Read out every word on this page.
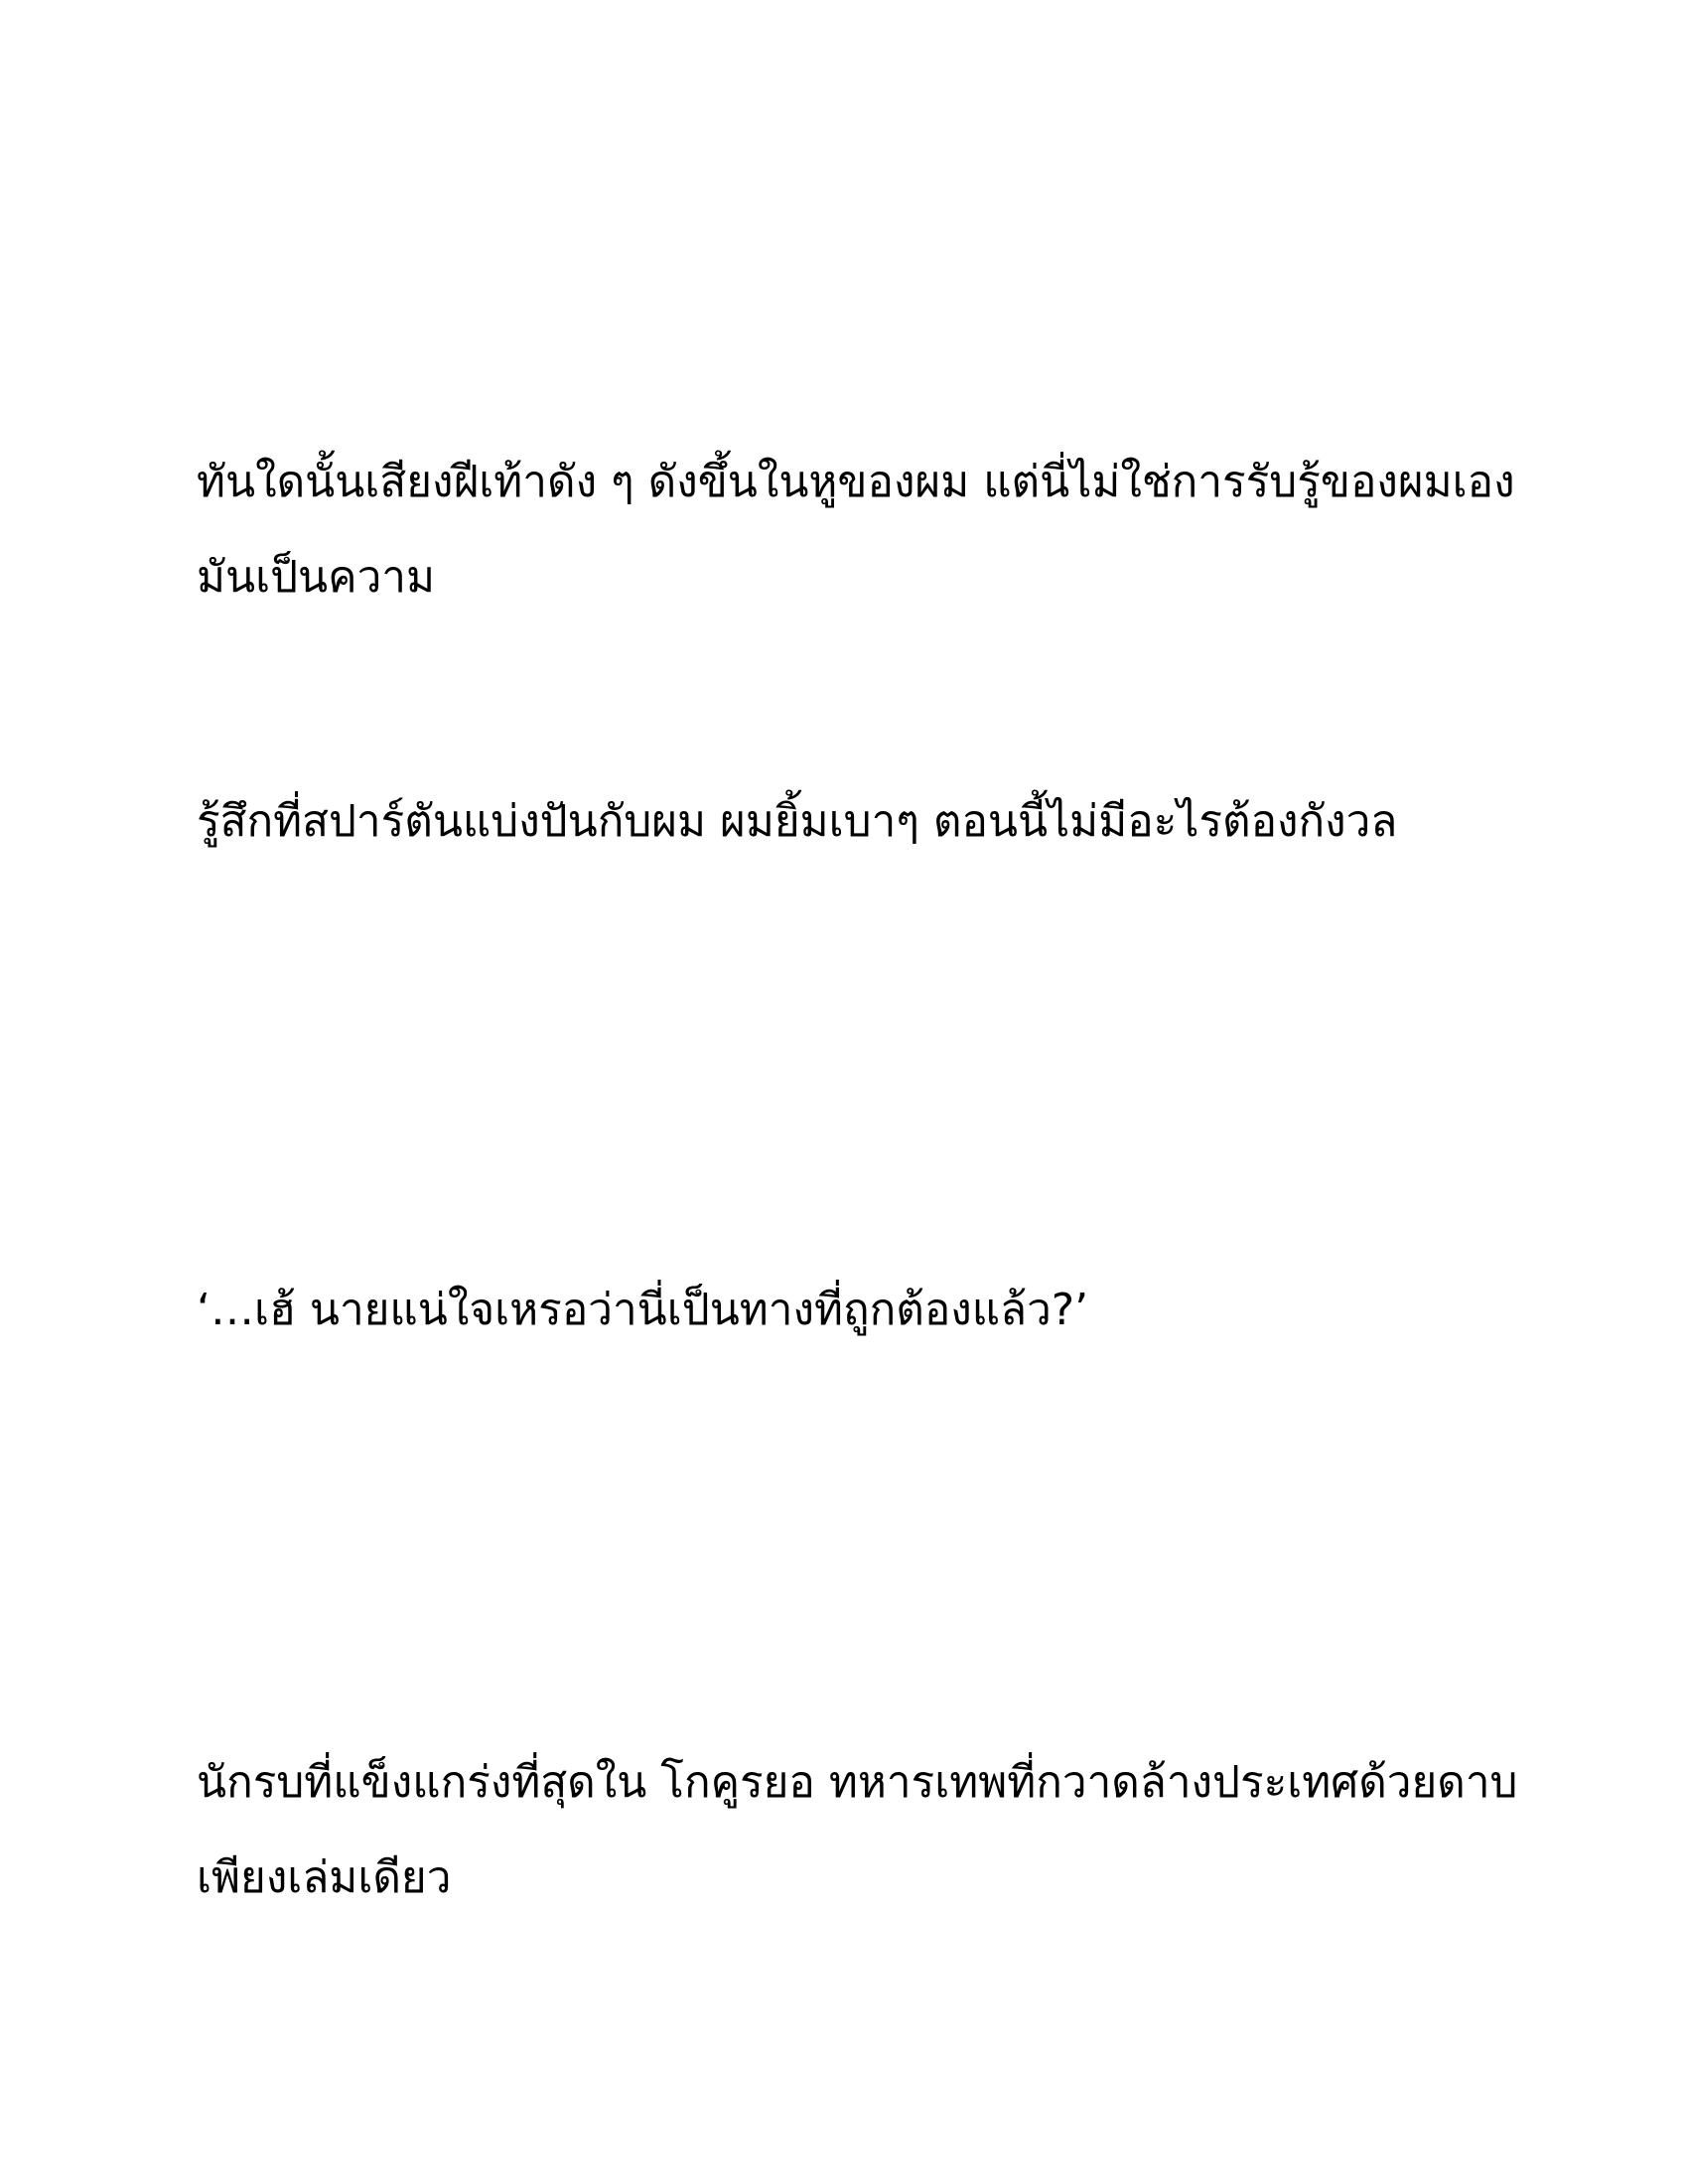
ทันใดนั้นเสียงฝีเท้าดัง ๆ ดังขึ้นในหูของผม แต่นี่ไม่ใช่การรับรู้ของผมเอง
มันเป็นความ

รู้สึกที่สปาร์ตันแบ่งปันกับผม ผมยิ้มเบาๆ ตอนนี้ไม่มีอะไรต้องกังวล

‘…เฮ้ นายแน่ใจเหรอว่านี่เป็นทางที่ถูกต้องแล้ว?’

นักรบที่แข็งแกร่งที่สุดใน โกคูรยอ ทหารเทพที่กวาดล้างประเทศด้วยดาบ
เพียงเล่มเดียว
